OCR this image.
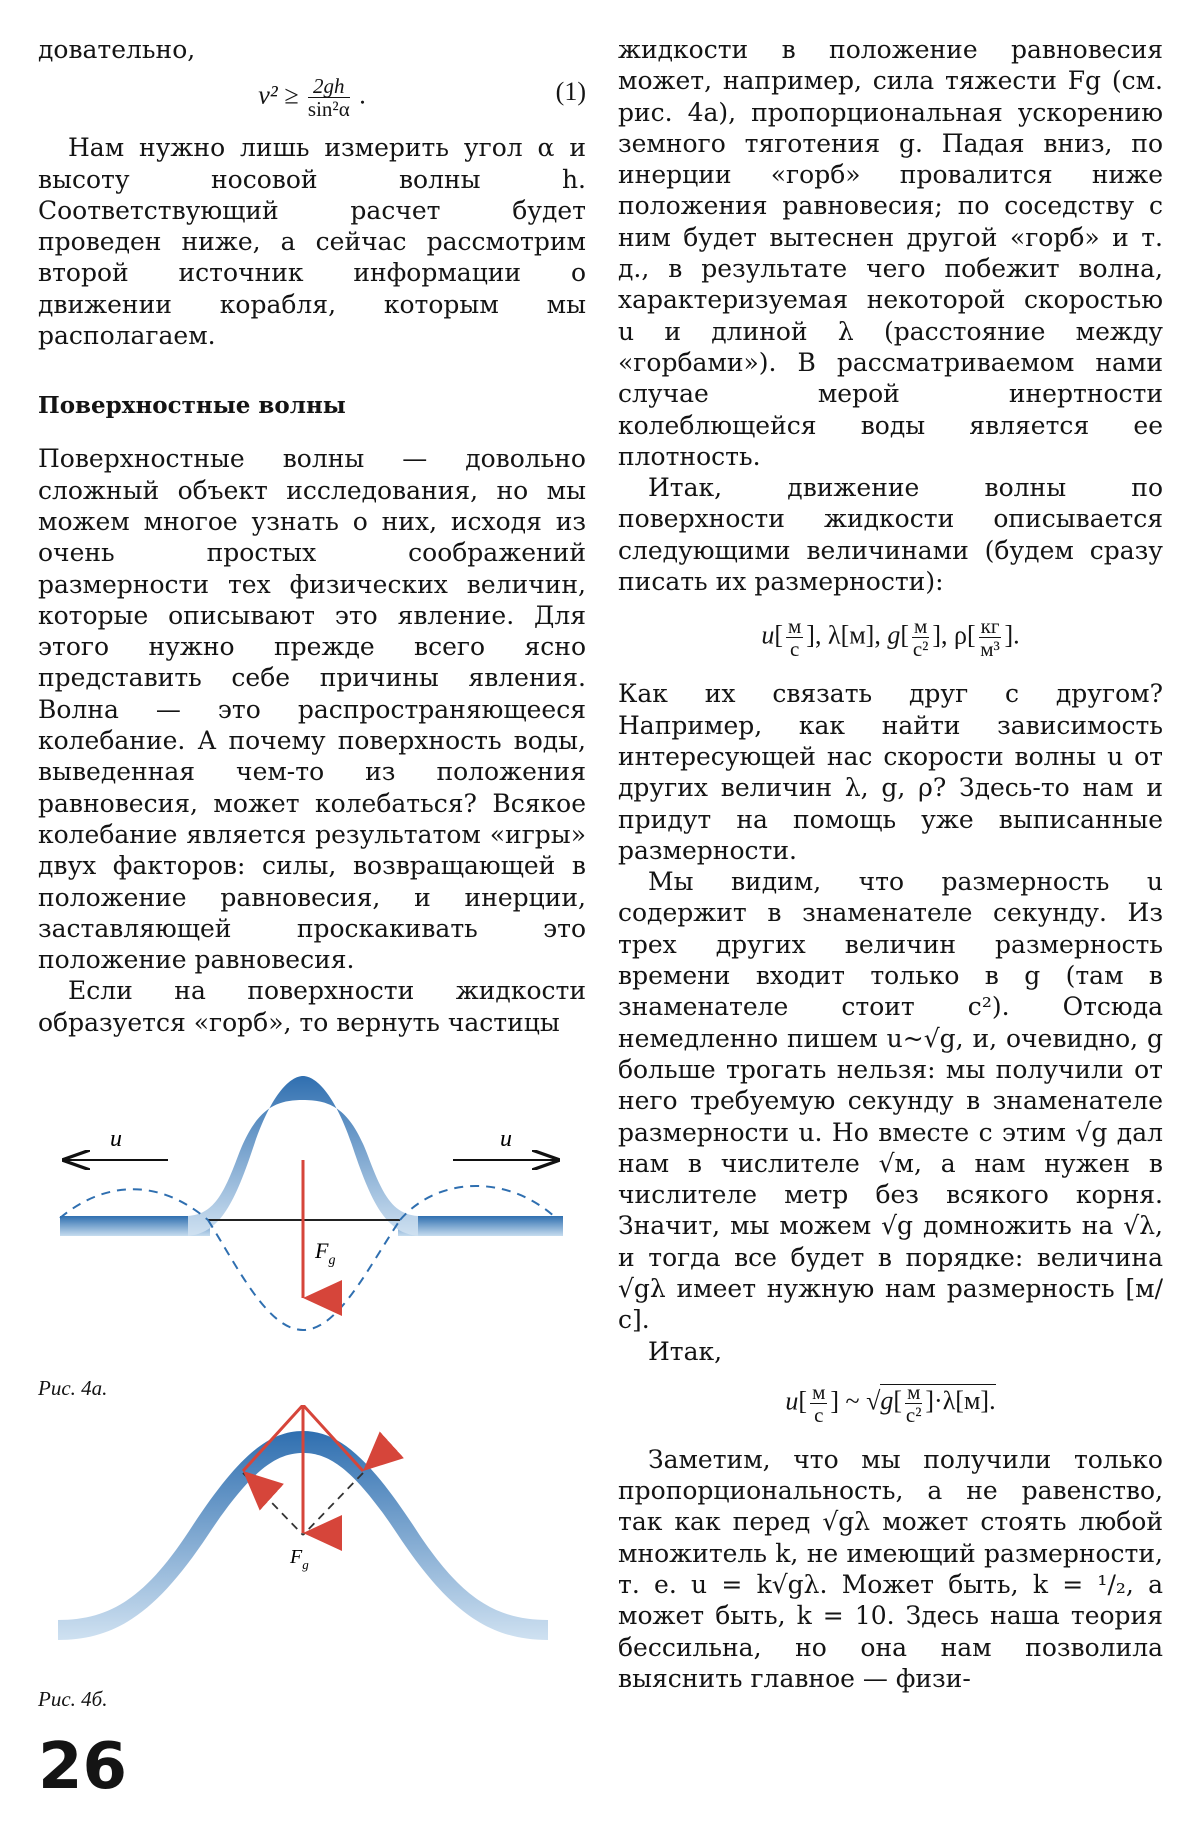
довательно,

$v^2 \ge \frac{2gh}{\text{sin²α}}$ .	(1)

Нам нужно лишь измерить угол α и высоту носовой волны h. Соответствующий расчет будет проведен ниже, а сейчас рассмотрим второй источник информации о движении корабля, которым мы располагаем.

Поверхностные волны

Поверхностные волны — довольно сложный объект исследования, но мы можем многое узнать о них, исходя из очень простых соображений размерности тех физических величин, которые описывают это явление. Для этого нужно прежде всего ясно представить себе причины явления. Волна — это распространяющееся колебание. А почему поверхность воды, выведенная чем-то из положения равновесия, может колебаться? Всякое колебание является результатом «игры» двух факторов: силы, возвращающей в положение равновесия, и инерции, заставляющей проскакивать это положение равновесия.

Если на поверхности жидкости образуется «горб», то вернуть частицы

u	u
$F_g$
Рис. 4а.
$F_g$
Рис. 4б.
26

жидкости в положение равновесия может, например, сила тяжести Fg (см. рис. 4а), пропорциональная ускорению земного тяготения g. Падая вниз, по инерции «горб» провалится ниже положения равновесия; по соседству с ним будет вытеснен другой «горб» и т. д., в результате чего побежит волна, характеризуемая некоторой скоростью u и длиной λ (расстояние между «горбами»). В рассматриваемом нами случае мерой инертности колеблющейся воды является ее плотность.

Итак, движение волны по поверхности жидкости описывается следующими величинами (будем сразу писать их размерности):

$u[ \frac{м}{с}$ ], λ[м], $g[ \frac{м}{\text{с²}}$ ], $\rho[ \frac{кг}{\text{м³}}$ ].

Как их связать друг с другом? Например, как найти зависимость интересующей нас скорости волны u от других величин λ, g, ρ? Здесь-то нам и придут на помощь уже выписанные размерности.

Мы видим, что размерность u содержит в знаменателе секунду. Из трех других величин размерность времени входит только в g (там в знаменателе стоит с²). Отсюда немедленно пишем u~√g, и, очевидно, g больше трогать нельзя: мы получили от него требуемую секунду в знаменателе размерности u. Но вместе с этим √g дал нам в числителе √м, а нам нужен в числителе метр без всякого корня. Значит, мы можем √g домножить на √λ, и тогда все будет в порядке: величина √gλ имеет нужную нам размерность [м/с].

Итак,

$u[ \frac{м}{с}$ ] ~ $√g[ \frac{м}{\text{с²}} ]\cdot\lambda[м]$.

Заметим, что мы получили только пропорциональность, а не равенство, так как перед √gλ может стоять любой множитель k, не имеющий размерности, т. е. u = k√gλ. Может быть, k = ¹/₂, а может быть, k = 10. Здесь наша теория бессильна, но она нам позволила выяснить главное — физи-
